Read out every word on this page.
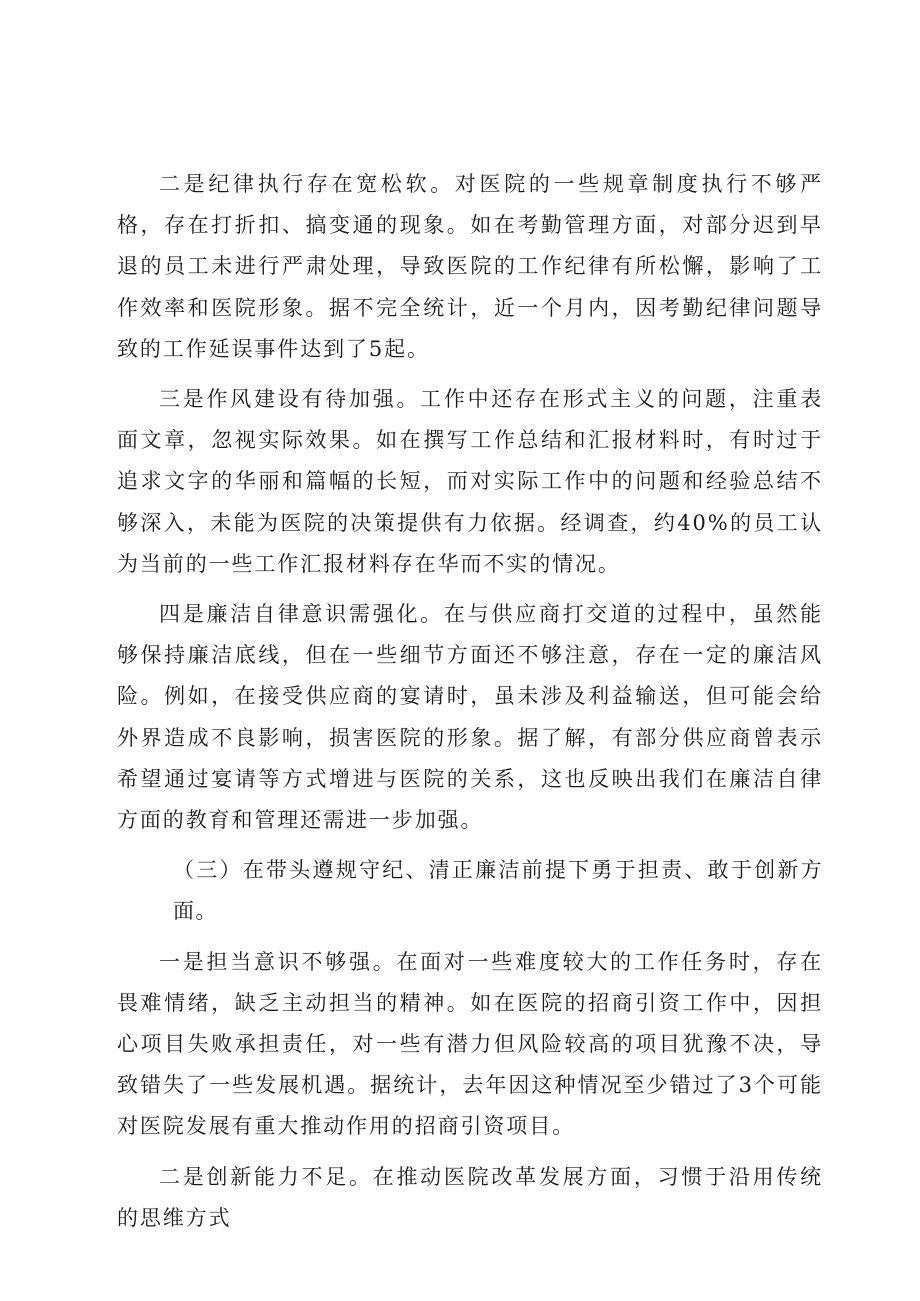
二是纪律执行存在宽松软。对医院的一些规章制度执行不够严格，存在打折扣、搞变通的现象。如在考勤管理方面，对部分迟到早退的员工未进行严肃处理，导致医院的工作纪律有所松懈，影响了工作效率和医院形象。据不完全统计，近一个月内，因考勤纪律问题导致的工作延误事件达到了5起。

三是作风建设有待加强。工作中还存在形式主义的问题，注重表面文章，忽视实际效果。如在撰写工作总结和汇报材料时，有时过于追求文字的华丽和篇幅的长短，而对实际工作中的问题和经验总结不够深入，未能为医院的决策提供有力依据。经调查，约40%的员工认为当前的一些工作汇报材料存在华而不实的情况。

四是廉洁自律意识需强化。在与供应商打交道的过程中，虽然能够保持廉洁底线，但在一些细节方面还不够注意，存在一定的廉洁风险。例如，在接受供应商的宴请时，虽未涉及利益输送，但可能会给外界造成不良影响，损害医院的形象。据了解，有部分供应商曾表示希望通过宴请等方式增进与医院的关系，这也反映出我们在廉洁自律方面的教育和管理还需进一步加强。

（三）在带头遵规守纪、清正廉洁前提下勇于担责、敢于创新方面。

一是担当意识不够强。在面对一些难度较大的工作任务时，存在畏难情绪，缺乏主动担当的精神。如在医院的招商引资工作中，因担心项目失败承担责任，对一些有潜力但风险较高的项目犹豫不决，导致错失了一些发展机遇。据统计，去年因这种情况至少错过了3个可能对医院发展有重大推动作用的招商引资项目。

二是创新能力不足。在推动医院改革发展方面，习惯于沿用传统的思维方式
